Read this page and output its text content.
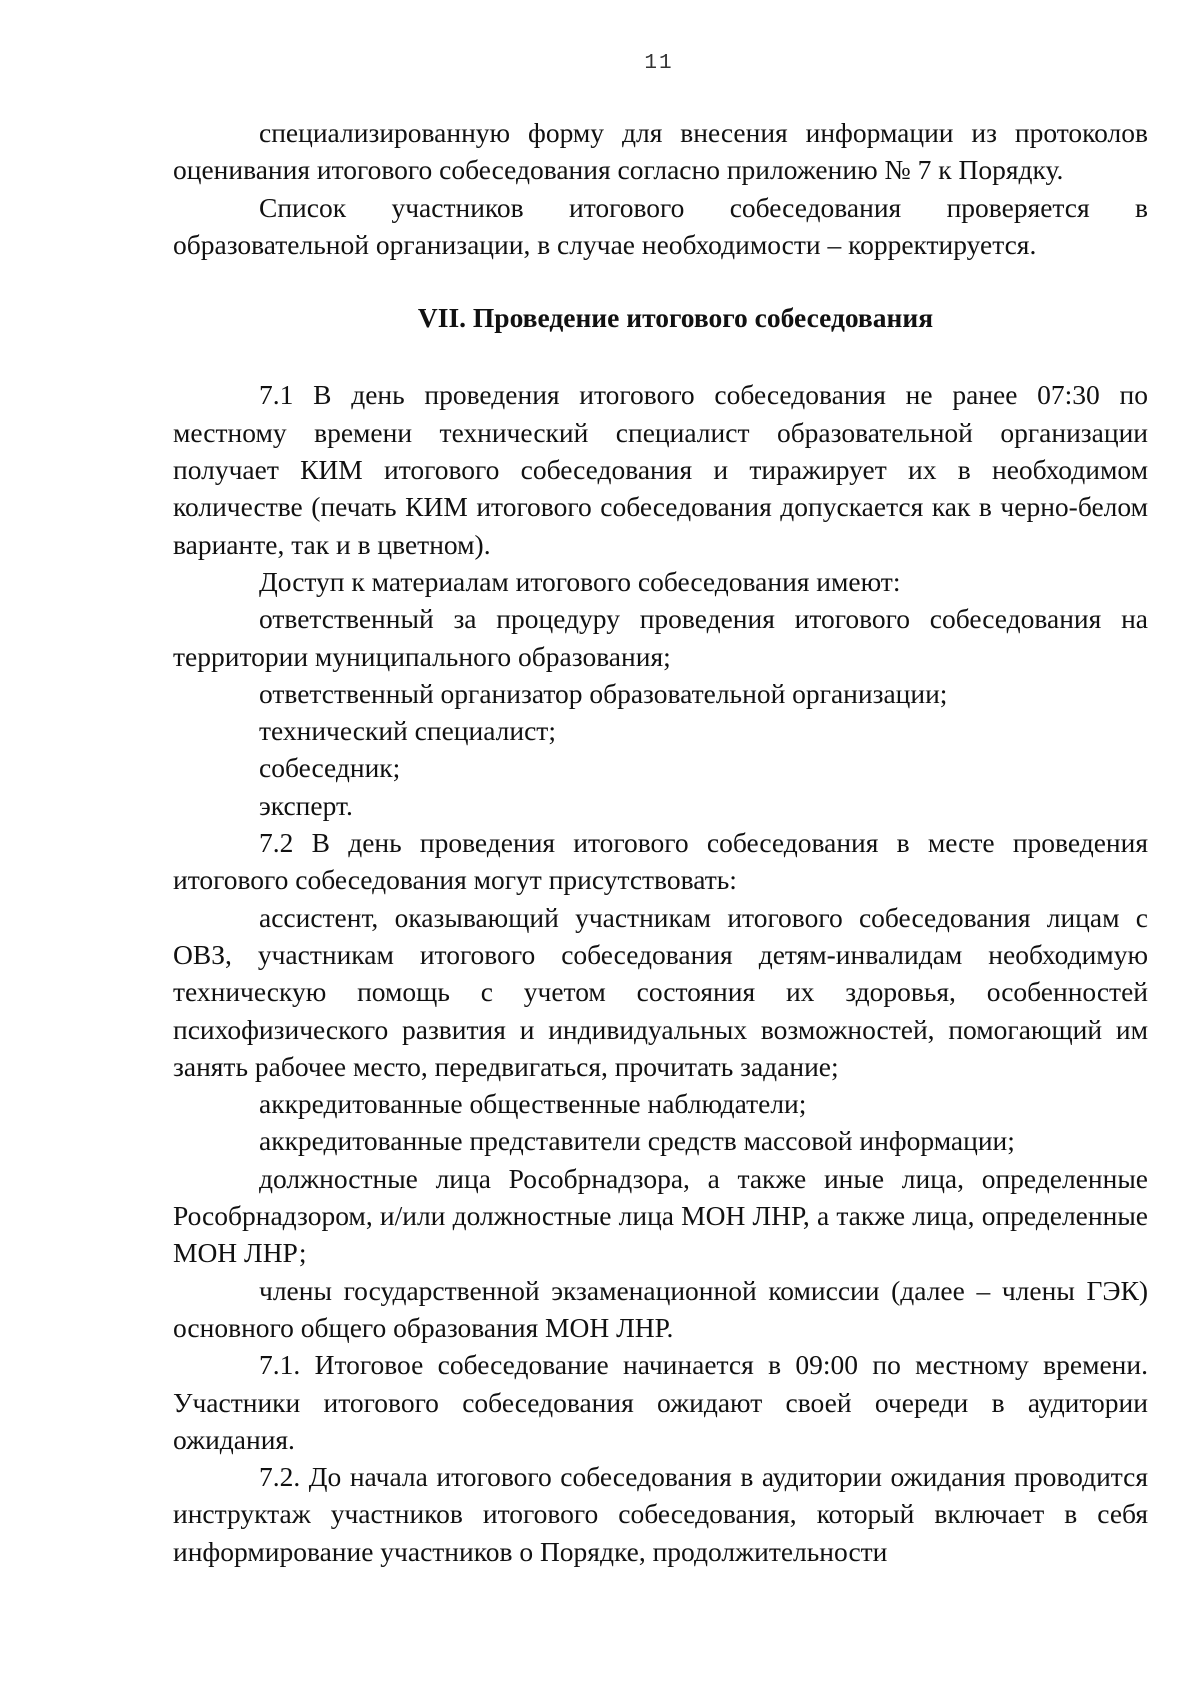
11

специализированную форму для внесения информации из протоколов оценивания итогового собеседования согласно приложению № 7 к Порядку.

Список участников итогового собеседования проверяется в образовательной организации, в случае необходимости – корректируется.

VII. Проведение итогового собеседования

7.1 В день проведения итогового собеседования не ранее 07:30 по местному времени технический специалист образовательной организации получает КИМ итогового собеседования и тиражирует их в необходимом количестве (печать КИМ итогового собеседования допускается как в черно-белом варианте, так и в цветном).

Доступ к материалам итогового собеседования имеют:

ответственный за процедуру проведения итогового собеседования на территории муниципального образования;

ответственный организатор образовательной организации;

технический специалист;

собеседник;

эксперт.

7.2 В день проведения итогового собеседования в месте проведения итогового собеседования могут присутствовать:

ассистент, оказывающий участникам итогового собеседования лицам с ОВЗ, участникам итогового собеседования детям-инвалидам необходимую техническую помощь с учетом состояния их здоровья, особенностей психофизического развития и индивидуальных возможностей, помогающий им занять рабочее место, передвигаться, прочитать задание;

аккредитованные общественные наблюдатели;

аккредитованные представители средств массовой информации;

должностные лица Рособрнадзора, а также иные лица, определенные Рособрнадзором, и/или должностные лица МОН ЛНР, а также лица, определенные МОН ЛНР;

члены государственной экзаменационной комиссии (далее – члены ГЭК) основного общего образования МОН ЛНР.

7.1. Итоговое собеседование начинается в 09:00 по местному времени. Участники итогового собеседования ожидают своей очереди в аудитории ожидания.

7.2. До начала итогового собеседования в аудитории ожидания проводится инструктаж участников итогового собеседования, который включает в себя информирование участников о Порядке, продолжительности
